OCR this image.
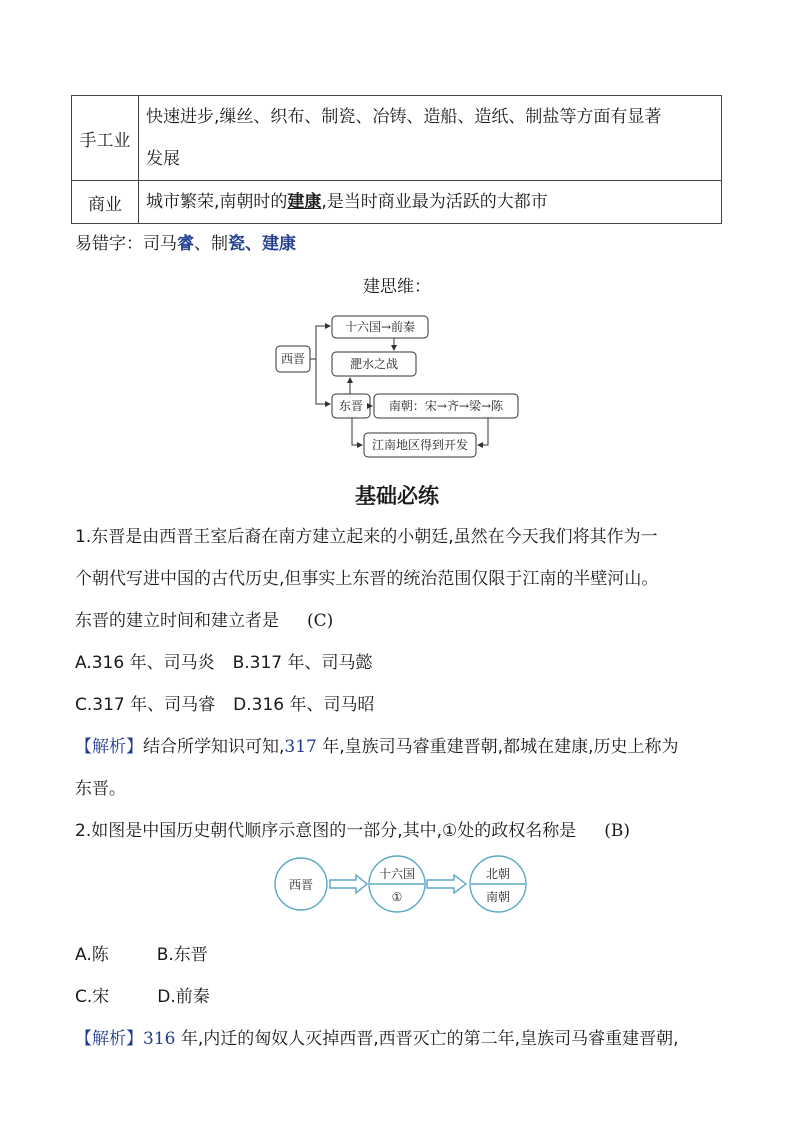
手工业	快速进步,缫丝、织布、制瓷、冶铸、造船、造纸、制盐等方面有显著
发展

商业	城市繁荣,南朝时的建康,是当时商业最为活跃的大都市
易错字：司马睿、制瓷、建康
建思维：
西晋
十六国→前秦
淝水之战
东晋 南朝：宋→齐→梁→陈
江南地区得到开发
基础必练
1.东晋是由西晋王室后裔在南方建立起来的小朝廷,虽然在今天我们将其作为一
个朝代写进中国的古代历史,但事实上东晋的统治范围仅限于江南的半壁河山。
东晋的建立时间和建立者是 (C)
A.316 年、司马炎 B.317 年、司马懿
C.317 年、司马睿 D.316 年、司马昭
【解析】结合所学知识可知,317 年,皇族司马睿重建晋朝,都城在建康,历史上称为
东晋。
2.如图是中国历史朝代顺序示意图的一部分,其中,①处的政权名称是 (B)
西晋
十六国
①
北朝
南朝
A.陈	B.东晋
C.宋	D.前秦
【解析】316 年,内迁的匈奴人灭掉西晋,西晋灭亡的第二年,皇族司马睿重建晋朝,
